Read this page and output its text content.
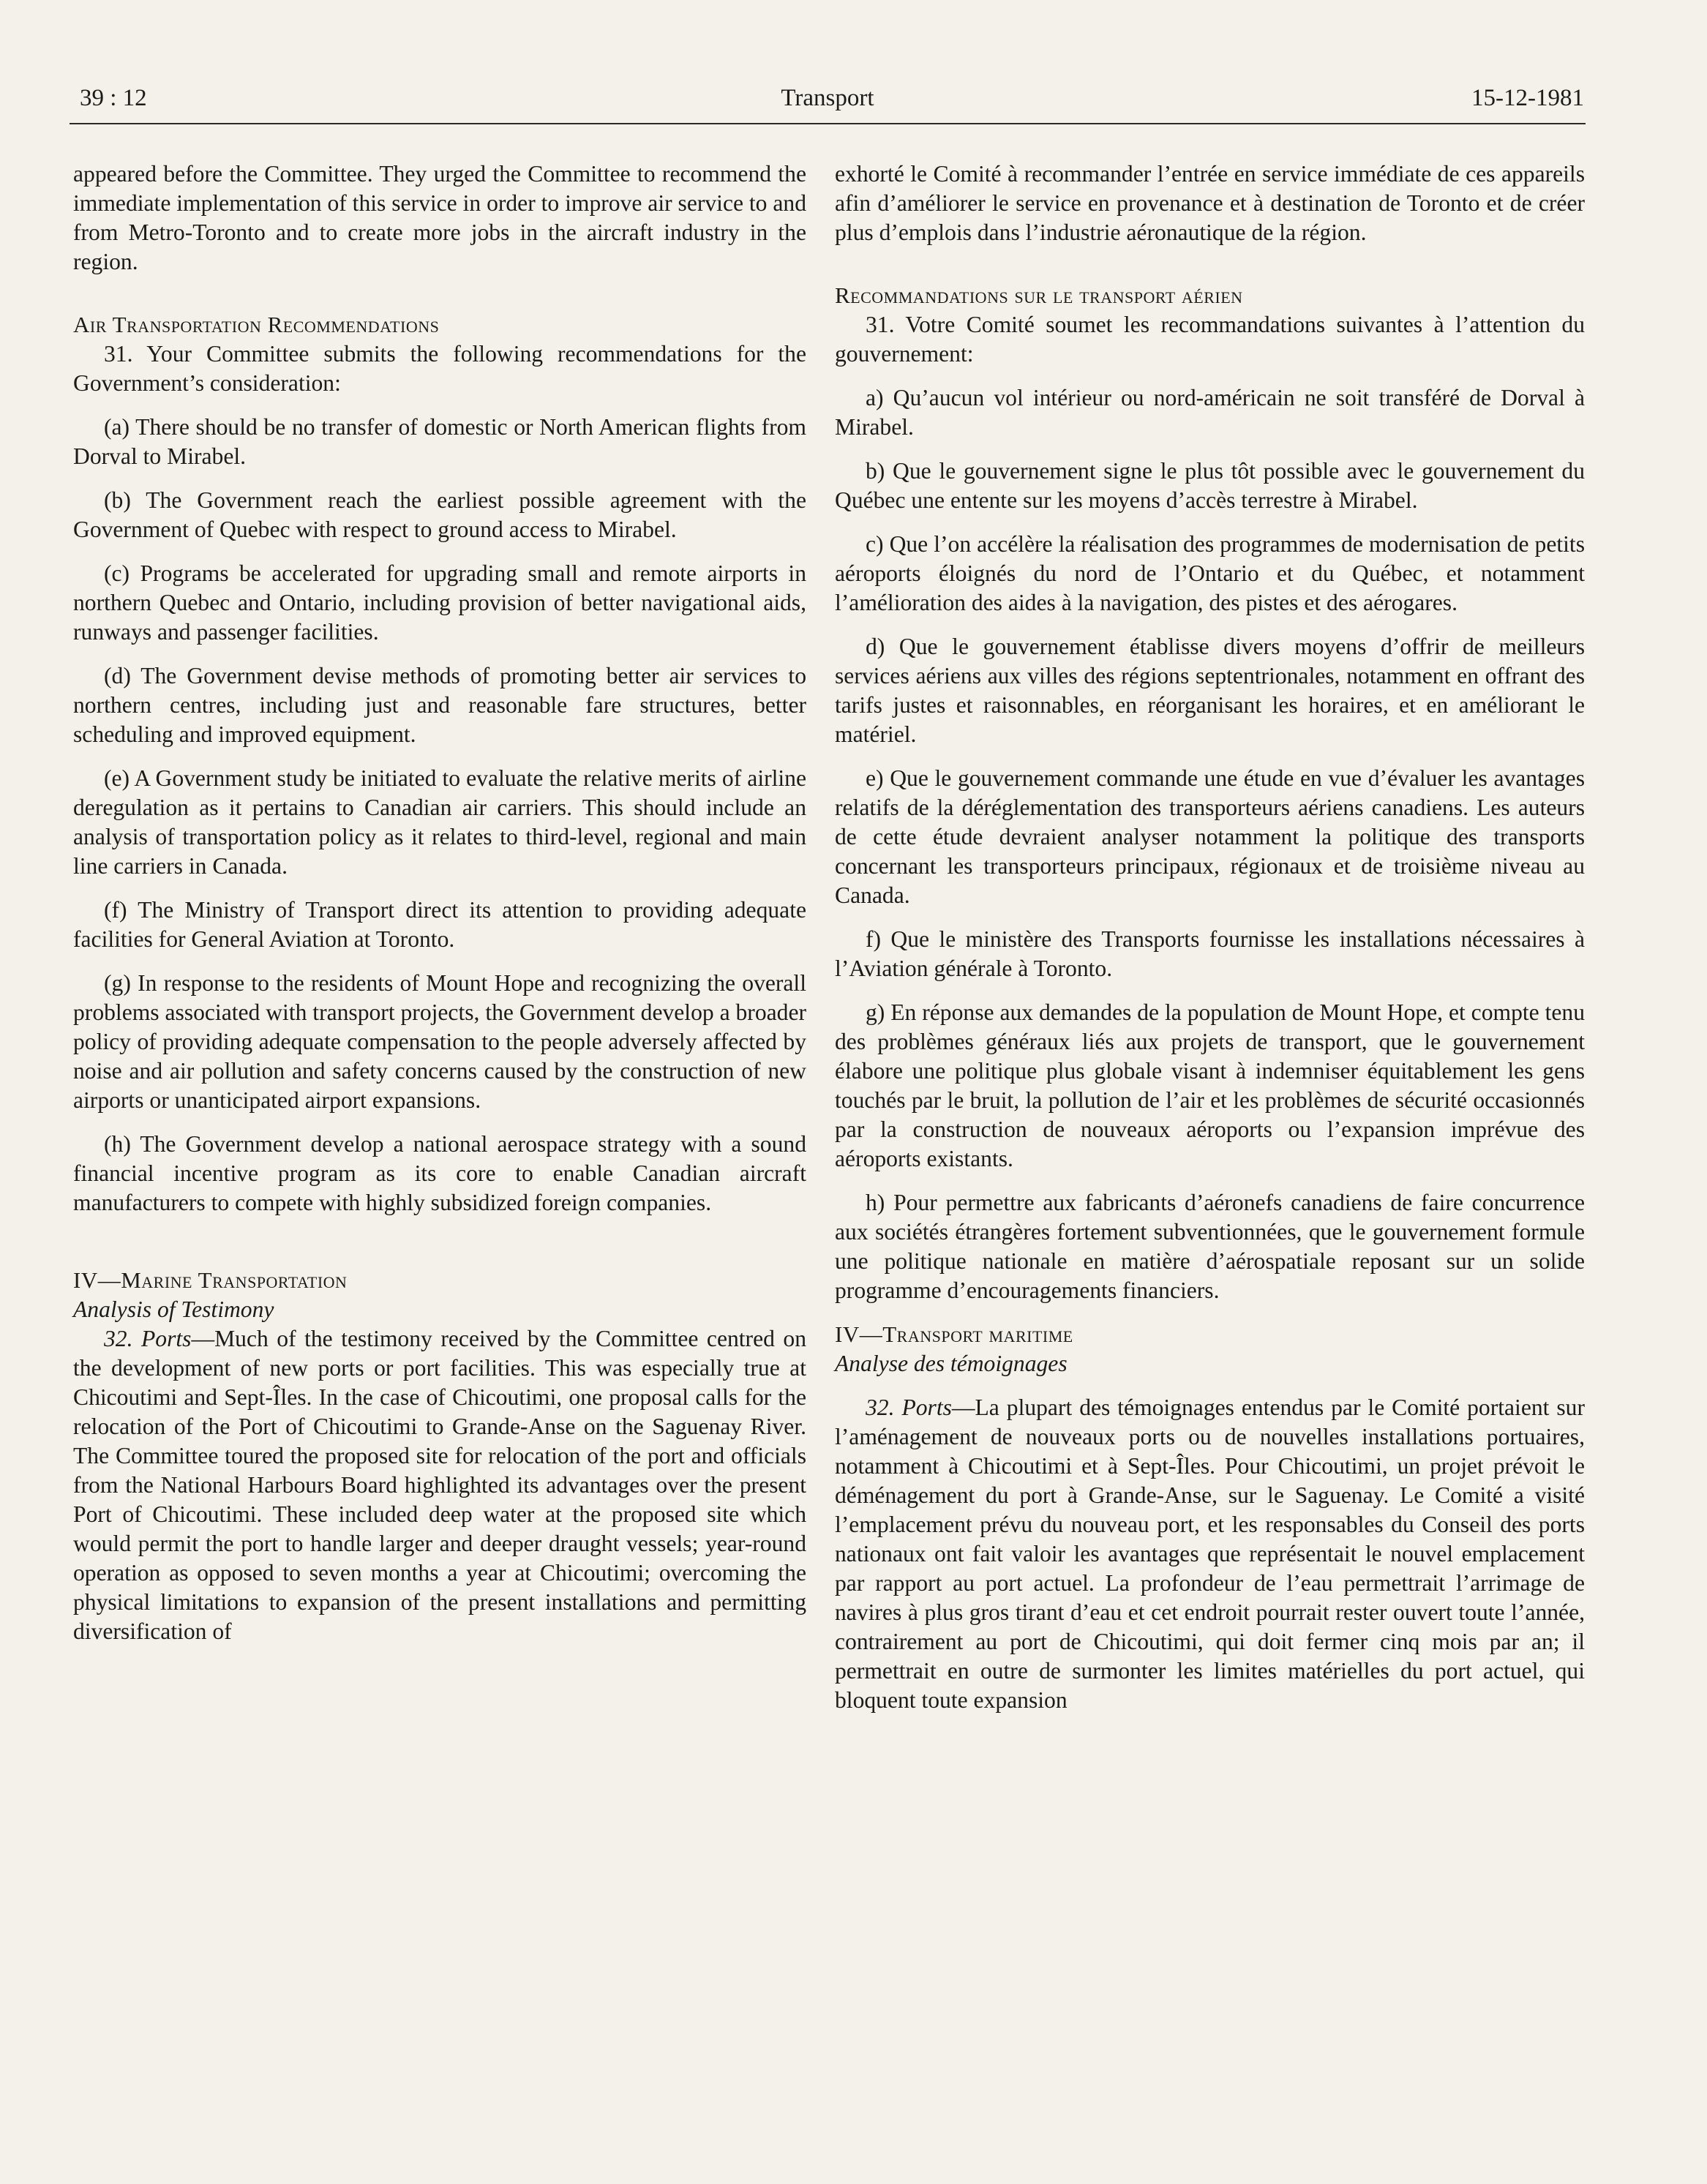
39 : 12	Transport	15-12-1981

appeared before the Committee. They urged the Committee to recommend the immediate implementation of this service in order to improve air service to and from Metro-Toronto and to create more jobs in the aircraft industry in the region.

Air Transportation Recommendations

31. Your Committee submits the following recommendations for the Government’s consideration:

(a) There should be no transfer of domestic or North American flights from Dorval to Mirabel.

(b) The Government reach the earliest possible agreement with the Government of Quebec with respect to ground access to Mirabel.

(c) Programs be accelerated for upgrading small and remote airports in northern Quebec and Ontario, including provision of better navigational aids, runways and passenger facilities.

(d) The Government devise methods of promoting better air services to northern centres, including just and reasonable fare structures, better scheduling and improved equipment.

(e) A Government study be initiated to evaluate the relative merits of airline deregulation as it pertains to Canadian air carriers. This should include an analysis of transportation policy as it relates to third-level, regional and main line carriers in Canada.

(f) The Ministry of Transport direct its attention to providing adequate facilities for General Aviation at Toronto.

(g) In response to the residents of Mount Hope and recognizing the overall problems associated with transport projects, the Government develop a broader policy of providing adequate compensation to the people adversely affected by noise and air pollution and safety concerns caused by the construction of new airports or unanticipated airport expansions.

(h) The Government develop a national aerospace strategy with a sound financial incentive program as its core to enable Canadian aircraft manufacturers to compete with highly subsidized foreign companies.

IV—Marine Transportation

Analysis of Testimony

32. Ports—Much of the testimony received by the Committee centred on the development of new ports or port facilities. This was especially true at Chicoutimi and Sept-Îles. In the case of Chicoutimi, one proposal calls for the relocation of the Port of Chicoutimi to Grande-Anse on the Saguenay River. The Committee toured the proposed site for relocation of the port and officials from the National Harbours Board highlighted its advantages over the present Port of Chicoutimi. These included deep water at the proposed site which would permit the port to handle larger and deeper draught vessels; year-round operation as opposed to seven months a year at Chicoutimi; overcoming the physical limitations to expansion of the present installations and permitting diversification of

exhorté le Comité à recommander l’entrée en service immédiate de ces appareils afin d’améliorer le service en provenance et à destination de Toronto et de créer plus d’emplois dans l’industrie aéronautique de la région.

Recommandations sur le transport aérien

31. Votre Comité soumet les recommandations suivantes à l’attention du gouvernement:

a) Qu’aucun vol intérieur ou nord-américain ne soit transféré de Dorval à Mirabel.

b) Que le gouvernement signe le plus tôt possible avec le gouvernement du Québec une entente sur les moyens d’accès terrestre à Mirabel.

c) Que l’on accélère la réalisation des programmes de modernisation de petits aéroports éloignés du nord de l’Ontario et du Québec, et notamment l’amélioration des aides à la navigation, des pistes et des aérogares.

d) Que le gouvernement établisse divers moyens d’offrir de meilleurs services aériens aux villes des régions septentrionales, notamment en offrant des tarifs justes et raisonnables, en réorganisant les horaires, et en améliorant le matériel.

e) Que le gouvernement commande une étude en vue d’évaluer les avantages relatifs de la déréglementation des transporteurs aériens canadiens. Les auteurs de cette étude devraient analyser notamment la politique des transports concernant les transporteurs principaux, régionaux et de troisième niveau au Canada.

f) Que le ministère des Transports fournisse les installations nécessaires à l’Aviation générale à Toronto.

g) En réponse aux demandes de la population de Mount Hope, et compte tenu des problèmes généraux liés aux projets de transport, que le gouvernement élabore une politique plus globale visant à indemniser équitablement les gens touchés par le bruit, la pollution de l’air et les problèmes de sécurité occasionnés par la construction de nouveaux aéroports ou l’expansion imprévue des aéroports existants.

h) Pour permettre aux fabricants d’aéronefs canadiens de faire concurrence aux sociétés étrangères fortement subventionnées, que le gouvernement formule une politique nationale en matière d’aérospatiale reposant sur un solide programme d’encouragements financiers.

IV—Transport maritime

Analyse des témoignages

32. Ports—La plupart des témoignages entendus par le Comité portaient sur l’aménagement de nouveaux ports ou de nouvelles installations portuaires, notamment à Chicoutimi et à Sept-Îles. Pour Chicoutimi, un projet prévoit le déménagement du port à Grande-Anse, sur le Saguenay. Le Comité a visité l’emplacement prévu du nouveau port, et les responsables du Conseil des ports nationaux ont fait valoir les avantages que représentait le nouvel emplacement par rapport au port actuel. La profondeur de l’eau permettrait l’arrimage de navires à plus gros tirant d’eau et cet endroit pourrait rester ouvert toute l’année, contrairement au port de Chicoutimi, qui doit fermer cinq mois par an; il permettrait en outre de surmonter les limites matérielles du port actuel, qui bloquent toute expansion
